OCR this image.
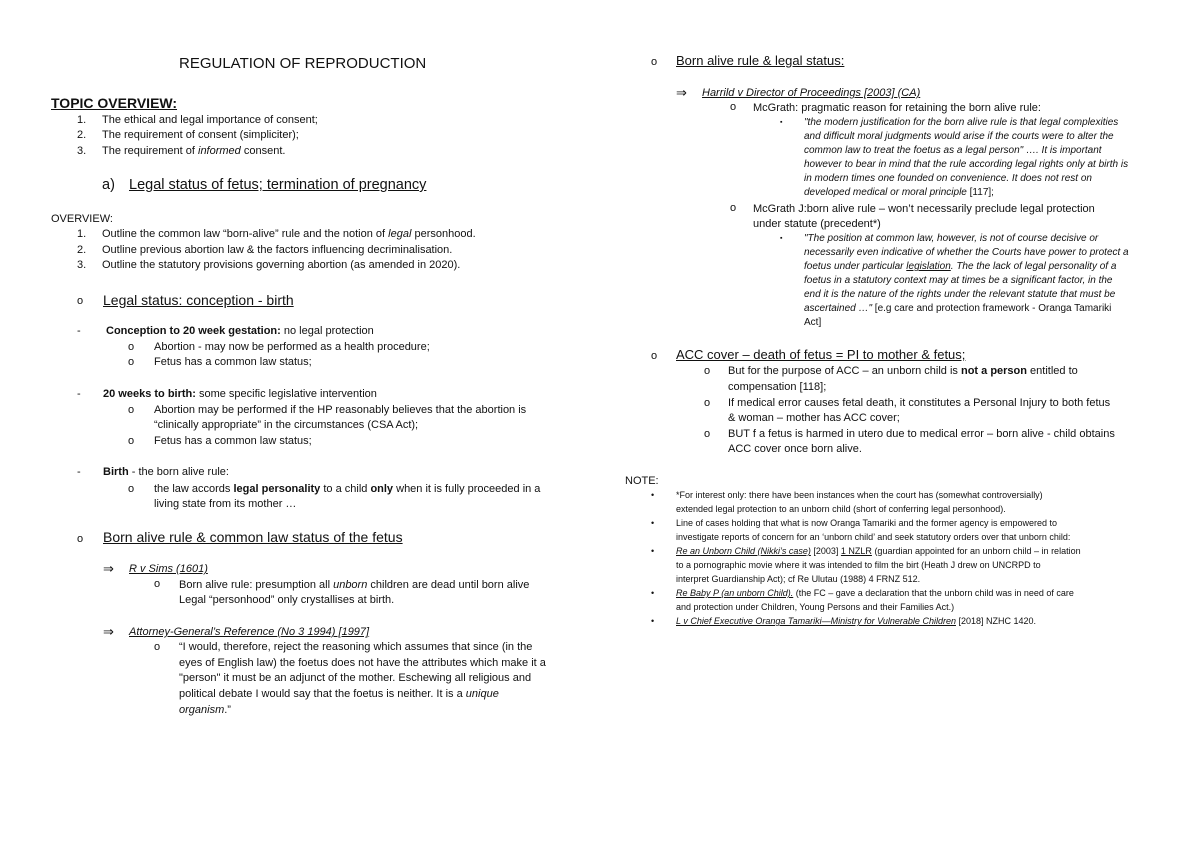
REGULATION OF REPRODUCTION
TOPIC OVERVIEW:
1. The ethical and legal importance of consent;
2. The requirement of consent (simpliciter);
3. The requirement of informed consent.
a) Legal status of fetus; termination of pregnancy
OVERVIEW:
1. Outline the common law “born-alive” rule and the notion of legal personhood.
2. Outline previous abortion law & the factors influencing decriminalisation.
3. Outline the statutory provisions governing abortion (as amended in 2020).
o Legal status: conception - birth
- Conception to 20 week gestation: no legal protection
o Abortion - may now be performed as a health procedure;
o Fetus has a common law status;
- 20 weeks to birth: some specific legislative intervention
o Abortion may be performed if the HP reasonably believes that the abortion is
“clinically appropriate” in the circumstances (CSA Act);
o Fetus has a common law status;
- Birth - the born alive rule:
o the law accords legal personality to a child only when it is fully proceeded in a
living state from its mother …
o Born alive rule & common law status of the fetus
⇒ R v Sims (1601)
o Born alive rule: presumption all unborn children are dead until born alive
Legal “personhood” only crystallises at birth.
⇒ Attorney-General’s Reference (No 3 1994) [1997]
o “I would, therefore, reject the reasoning which assumes that since (in the
eyes of English law) the foetus does not have the attributes which make it a
"person" it must be an adjunct of the mother. Eschewing all religious and
political debate I would say that the foetus is neither. It is a unique
organism.”
o Born alive rule & legal status:
⇒ Harrild v Director of Proceedings [2003] (CA)
o McGrath: pragmatic reason for retaining the born alive rule:
▪ "the modern justification for the born alive rule is that legal complexities
and difficult moral judgments would arise if the courts were to alter the
common law to treat the foetus as a legal person" …. It is important
however to bear in mind that the rule according legal rights only at birth is
in modern times one founded on convenience. It does not rest on
developed medical or moral principle [117];
o McGrath J:born alive rule – won’t necessarily preclude legal protection
under statute (precedent*)
▪ "The position at common law, however, is not of course decisive or
necessarily even indicative of whether the Courts have power to protect a
foetus under particular legislation. The the lack of legal personality of a
foetus in a statutory context may at times be a significant factor, in the
end it is the nature of the rights under the relevant statute that must be
ascertained …" [e.g care and protection framework - Oranga Tamariki
Act]
o ACC cover – death of fetus = PI to mother & fetus;
o But for the purpose of ACC – an unborn child is not a person entitled to
compensation [118];
o If medical error causes fetal death, it constitutes a Personal Injury to both fetus
& woman – mother has ACC cover;
o BUT f a fetus is harmed in utero due to medical error – born alive - child obtains
ACC cover once born alive.
NOTE:
• *For interest only: there have been instances when the court has (somewhat controversially)
extended legal protection to an unborn child (short of conferring legal personhood).
• Line of cases holding that what is now Oranga Tamariki and the former agency is empowered to
investigate reports of concern for an ‘unborn child’ and seek statutory orders over that unborn child:
• Re an Unborn Child (Nikki’s case) [2003] 1 NZLR (guardian appointed for an unborn child – in relation
to a pornographic movie where it was intended to film the birt (Heath J drew on UNCRPD to
interpret Guardianship Act); cf Re Ulutau (1988) 4 FRNZ 512.
• Re Baby P (an unborn Child). (the FC – gave a declaration that the unborn child was in need of care
and protection under Children, Young Persons and their Families Act.)
• L v Chief Executive Oranga Tamariki—Ministry for Vulnerable Children [2018] NZHC 1420.
